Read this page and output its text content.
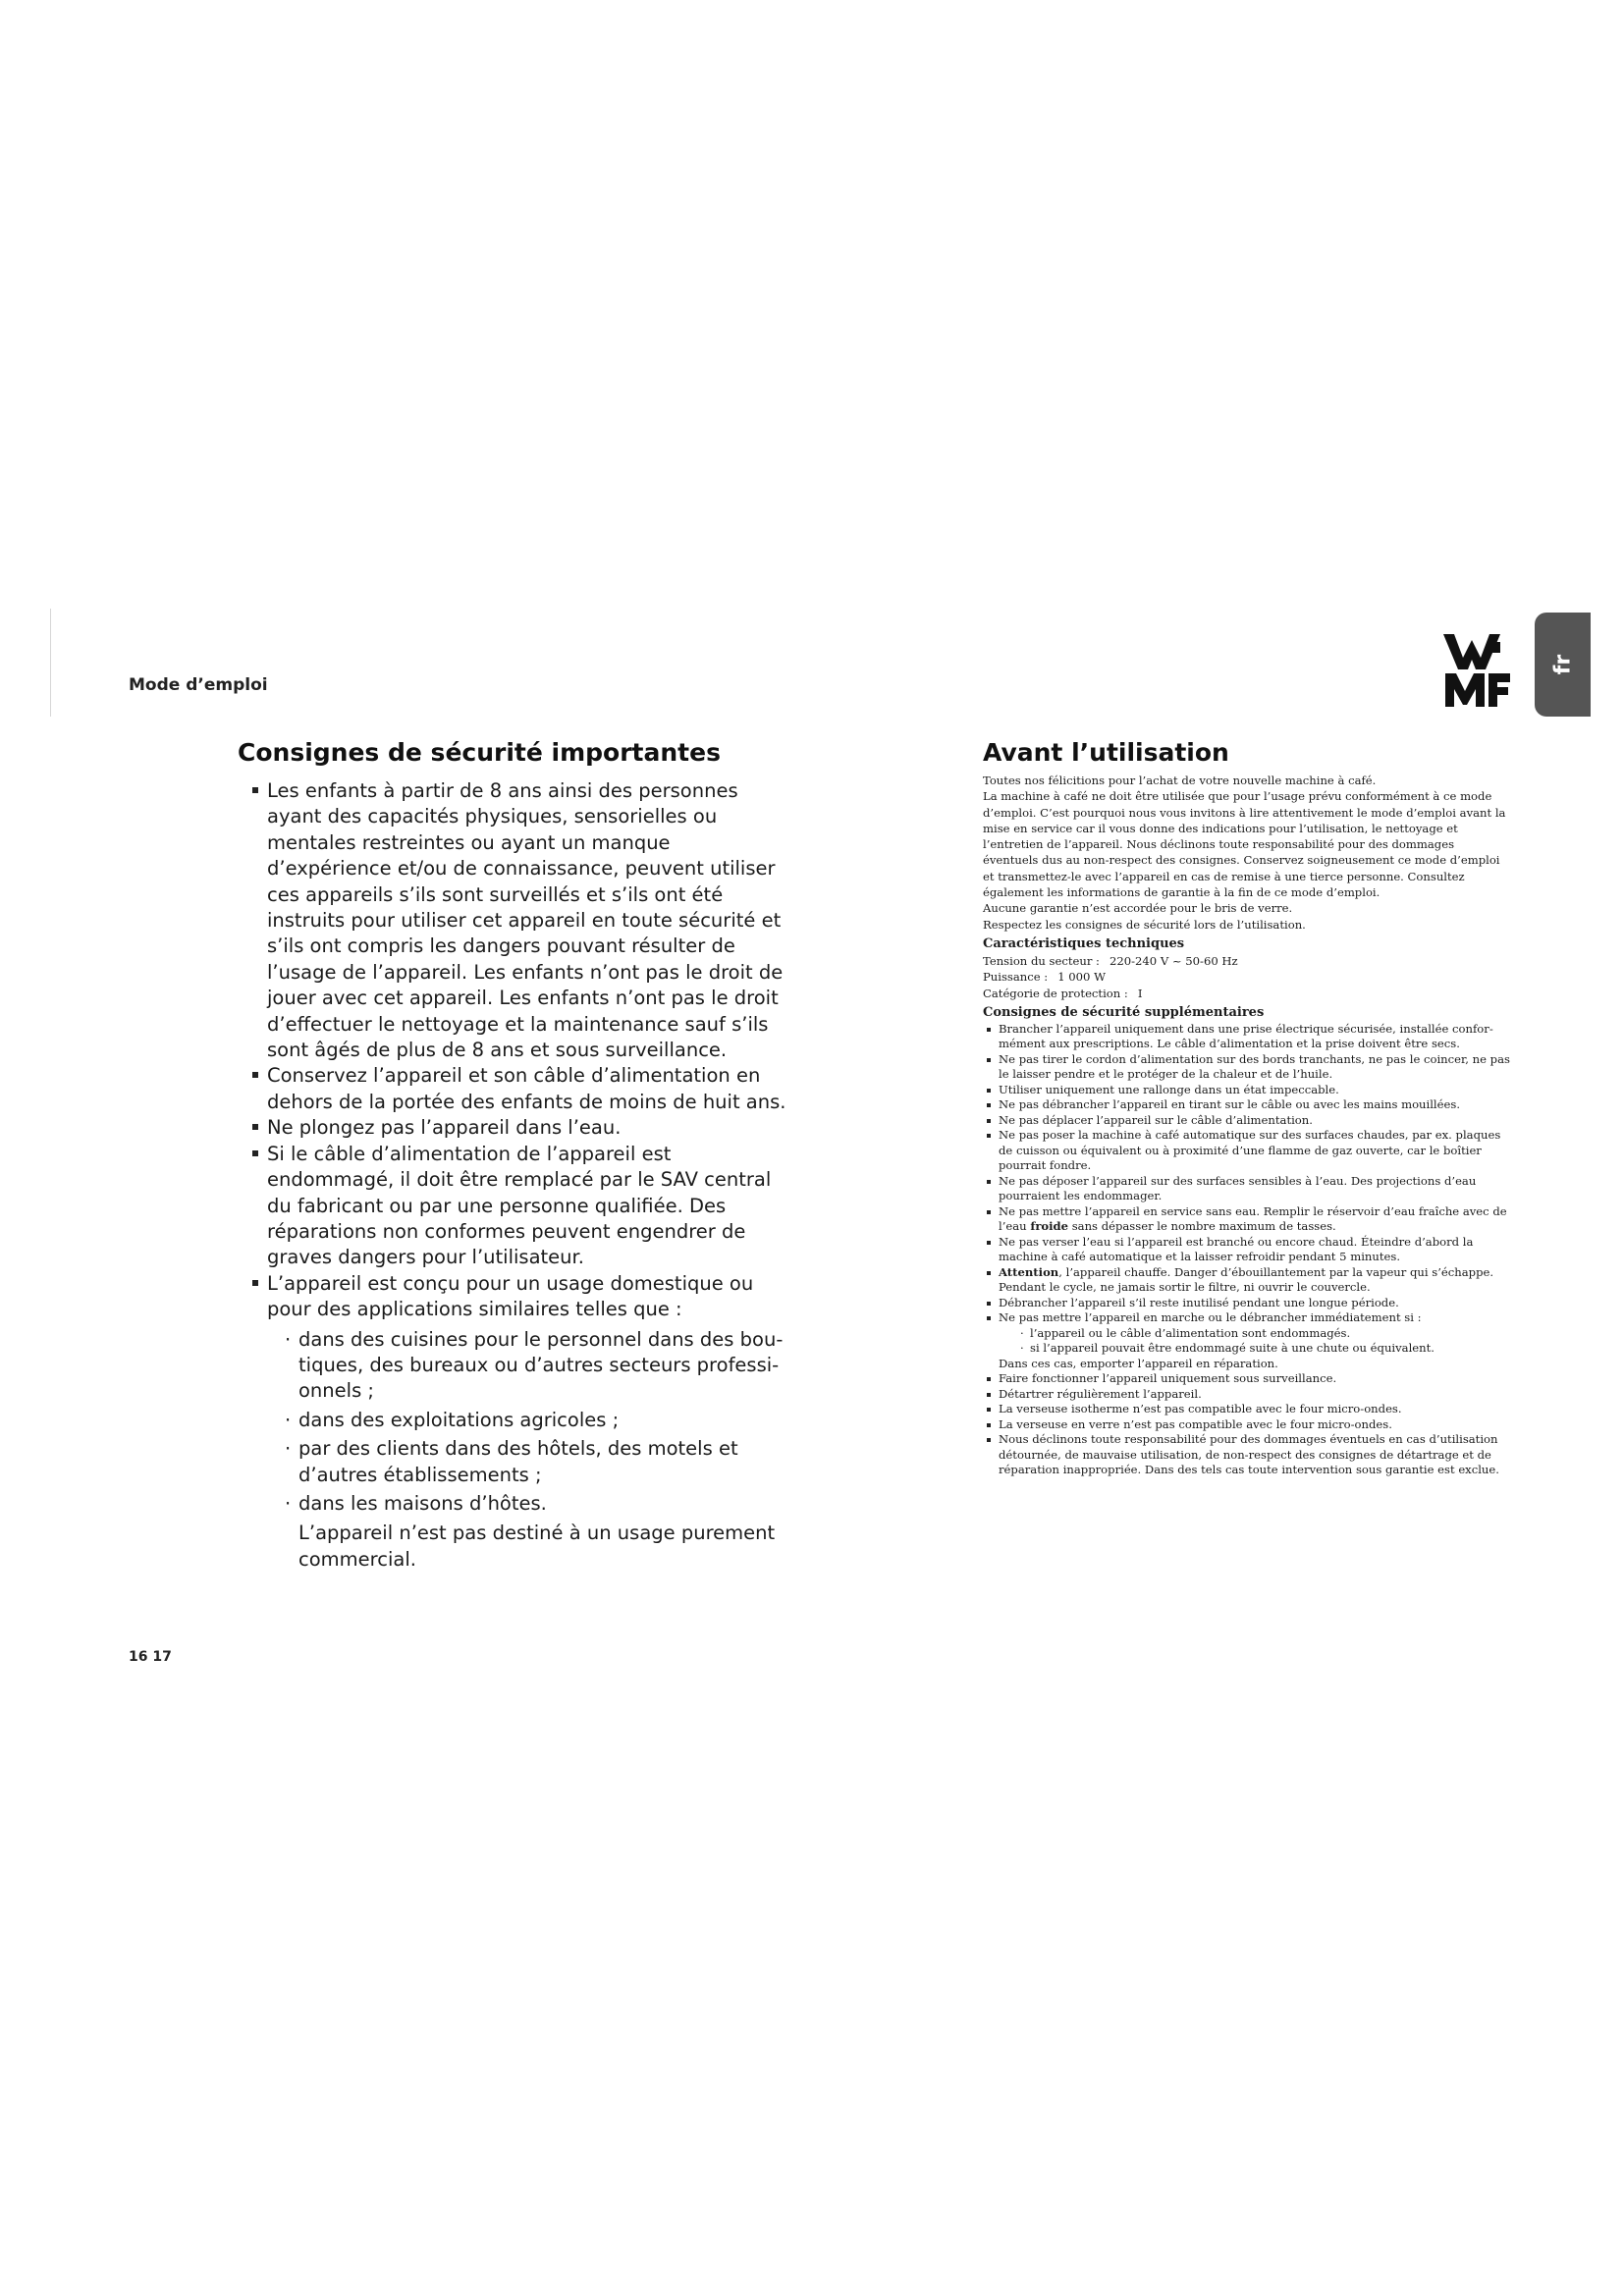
Mode d’emploi
fr
Consignes de sécurité importantes
Les enfants à partir de 8 ans ainsi des personnes ayant des capacités physiques, sensorielles ou mentales restreintes ou ayant un manque d’expérience et/ou de connaissance, peuvent utiliser ces appareils s’ils sont surveillés et s’ils ont été instruits pour utiliser cet appareil en toute sécurité et s’ils ont compris les dangers pouvant résulter de l’usage de l’appareil. Les enfants n’ont pas le droit de jouer avec cet appareil. Les enfants n’ont pas le droit d’effectuer le nettoyage et la maintenance sauf s’ils sont âgés de plus de 8 ans et sous surveillance.
Conservez l’appareil et son câble d’alimentation en dehors de la portée des enfants de moins de huit ans.
Ne plongez pas l’appareil dans l’eau.
Si le câble d’alimentation de l’appareil est endommagé, il doit être remplacé par le SAV central du fabricant ou par une personne qualifiée. Des réparations non conformes peuvent engendrer de graves dangers pour l’utilisateur.
L’appareil est conçu pour un usage domestique ou pour des applications similaires telles que :
· dans des cuisines pour le personnel dans des boutiques, des bureaux ou d’autres secteurs professionnels ;
· dans des exploitations agricoles ;
· par des clients dans des hôtels, des motels et d’autres établissements ;
· dans les maisons d’hôtes.
L’appareil n’est pas destiné à un usage purement commercial.
Avant l’utilisation

Toutes nos félicitions pour l’achat de votre nouvelle machine à café.

La machine à café ne doit être utilisée que pour l’usage prévu conformément à ce mode d’emploi. C’est pourquoi nous vous invitons à lire attentivement le mode d’emploi avant la mise en service car il vous donne des indications pour l’utilisation, le nettoyage et l’entretien de l’appareil. Nous déclinons toute responsabilité pour des dommages éventuels dus au non-respect des consignes. Conservez soigneusement ce mode d’emploi et transmettez-le avec l’appareil en cas de remise à une tierce personne. Consultez également les informations de garantie à la fin de ce mode d’emploi.

Aucune garantie n’est accordée pour le bris de verre.

Respectez les consignes de sécurité lors de l’utilisation.

Caractéristiques techniques
Tension du secteur : 220-240 V ~ 50-60 Hz
Puissance : 1 000 W
Catégorie de protection : I
Consignes de sécurité supplémentaires
Brancher l’appareil uniquement dans une prise électrique sécurisée, installée conformément aux prescriptions. Le câble d’alimentation et la prise doivent être secs.
Ne pas tirer le cordon d’alimentation sur des bords tranchants, ne pas le coincer, ne pas le laisser pendre et le protéger de la chaleur et de l’huile.
Utiliser uniquement une rallonge dans un état impeccable.
Ne pas débrancher l’appareil en tirant sur le câble ou avec les mains mouillées.
Ne pas déplacer l’appareil sur le câble d’alimentation.
Ne pas poser la machine à café automatique sur des surfaces chaudes, par ex. plaques de cuisson ou équivalent ou à proximité d’une flamme de gaz ouverte, car le boîtier pourrait fondre.
Ne pas déposer l’appareil sur des surfaces sensibles à l’eau. Des projections d’eau pourraient les endommager.
Ne pas mettre l’appareil en service sans eau. Remplir le réservoir d’eau fraîche avec de l’eau froide sans dépasser le nombre maximum de tasses.
Ne pas verser l’eau si l’appareil est branché ou encore chaud. Éteindre d’abord la machine à café automatique et la laisser refroidir pendant 5 minutes.
Attention, l’appareil chauffe. Danger d’ébouillantement par la vapeur qui s’échappe. Pendant le cycle, ne jamais sortir le filtre, ni ouvrir le couvercle.
Débrancher l’appareil s’il reste inutilisé pendant une longue période.
Ne pas mettre l’appareil en marche ou le débrancher immédiatement si :
· l’appareil ou le câble d’alimentation sont endommagés.
· si l’appareil pouvait être endommagé suite à une chute ou équivalent.
Dans ces cas, emporter l’appareil en réparation.
Faire fonctionner l’appareil uniquement sous surveillance.
Détartrer régulièrement l’appareil.
La verseuse isotherme n’est pas compatible avec le four micro-ondes.
La verseuse en verre n’est pas compatible avec le four micro-ondes.
Nous déclinons toute responsabilité pour des dommages éventuels en cas d’utilisation détournée, de mauvaise utilisation, de non-respect des consignes de détartrage et de réparation inappropriée. Dans des tels cas toute intervention sous garantie est exclue.
16 17
